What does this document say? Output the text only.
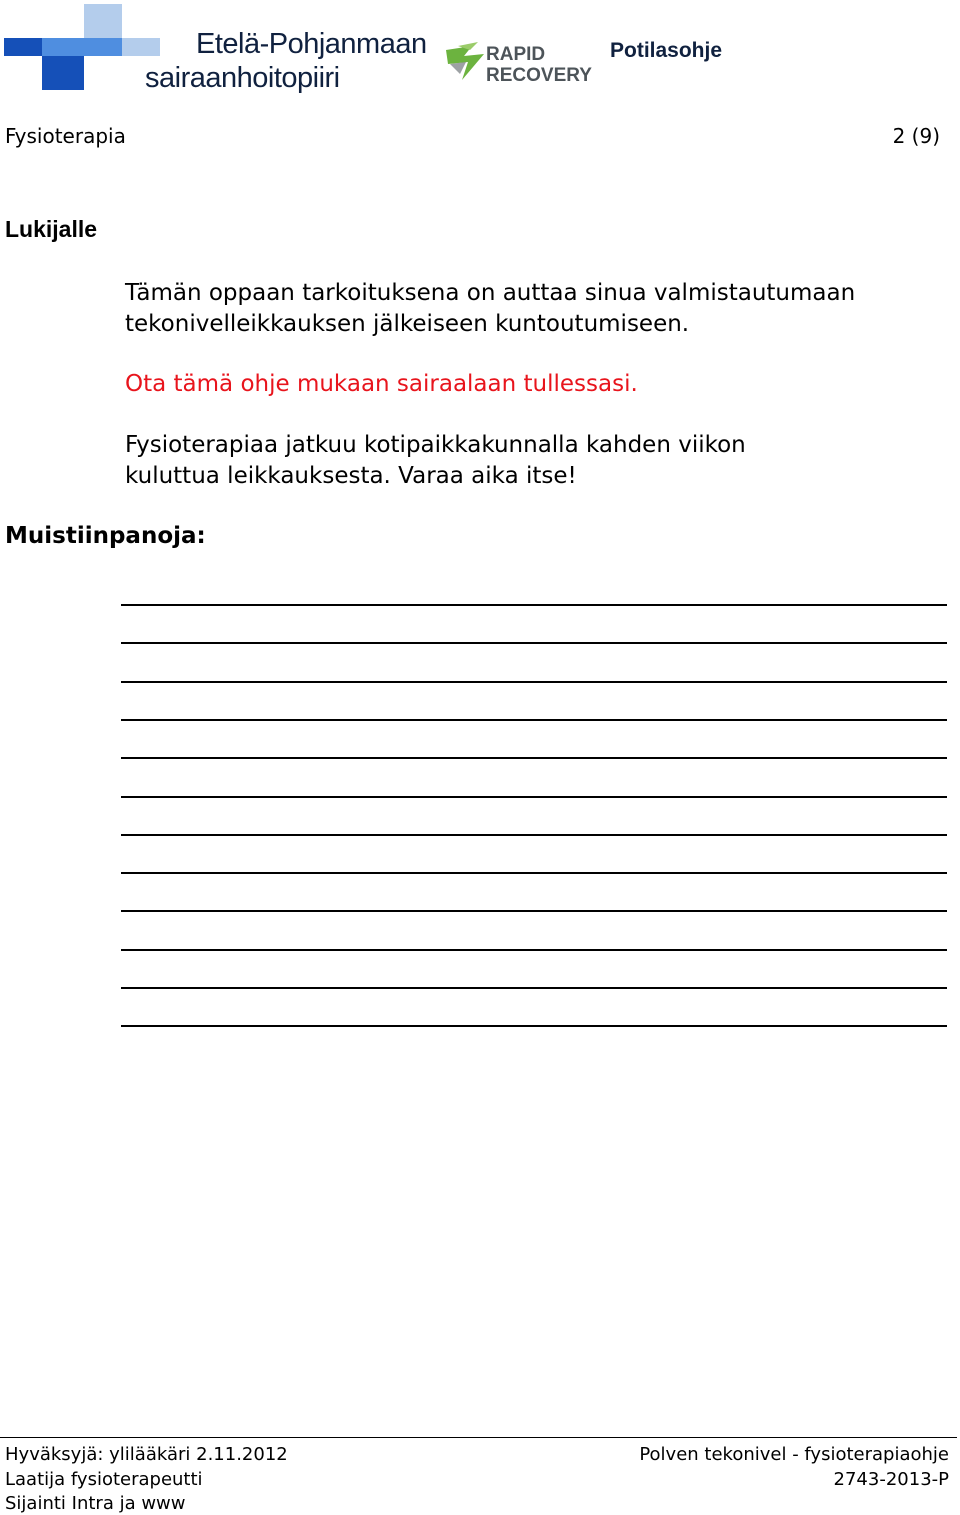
Etelä-Pohjanmaan
sairaanhoitopiiri
RAPID
RECOVERY
Potilasohje
Fysioterapia	2 (9)
Lukijalle
Tämän oppaan tarkoituksena on auttaa sinua valmistautumaan
tekonivelleikkauksen jälkeiseen kuntoutumiseen.
Ota tämä ohje mukaan sairaalaan tullessasi.
Fysioterapiaa jatkuu kotipaikkakunnalla kahden viikon
kuluttua leikkauksesta. Varaa aika itse!
Muistiinpanoja:
Hyväksyjä: ylilääkäri 2.11.2012
Laatija fysioterapeutti
Sijainti Intra ja www
Polven tekonivel - fysioterapiaohje
2743-2013-P
